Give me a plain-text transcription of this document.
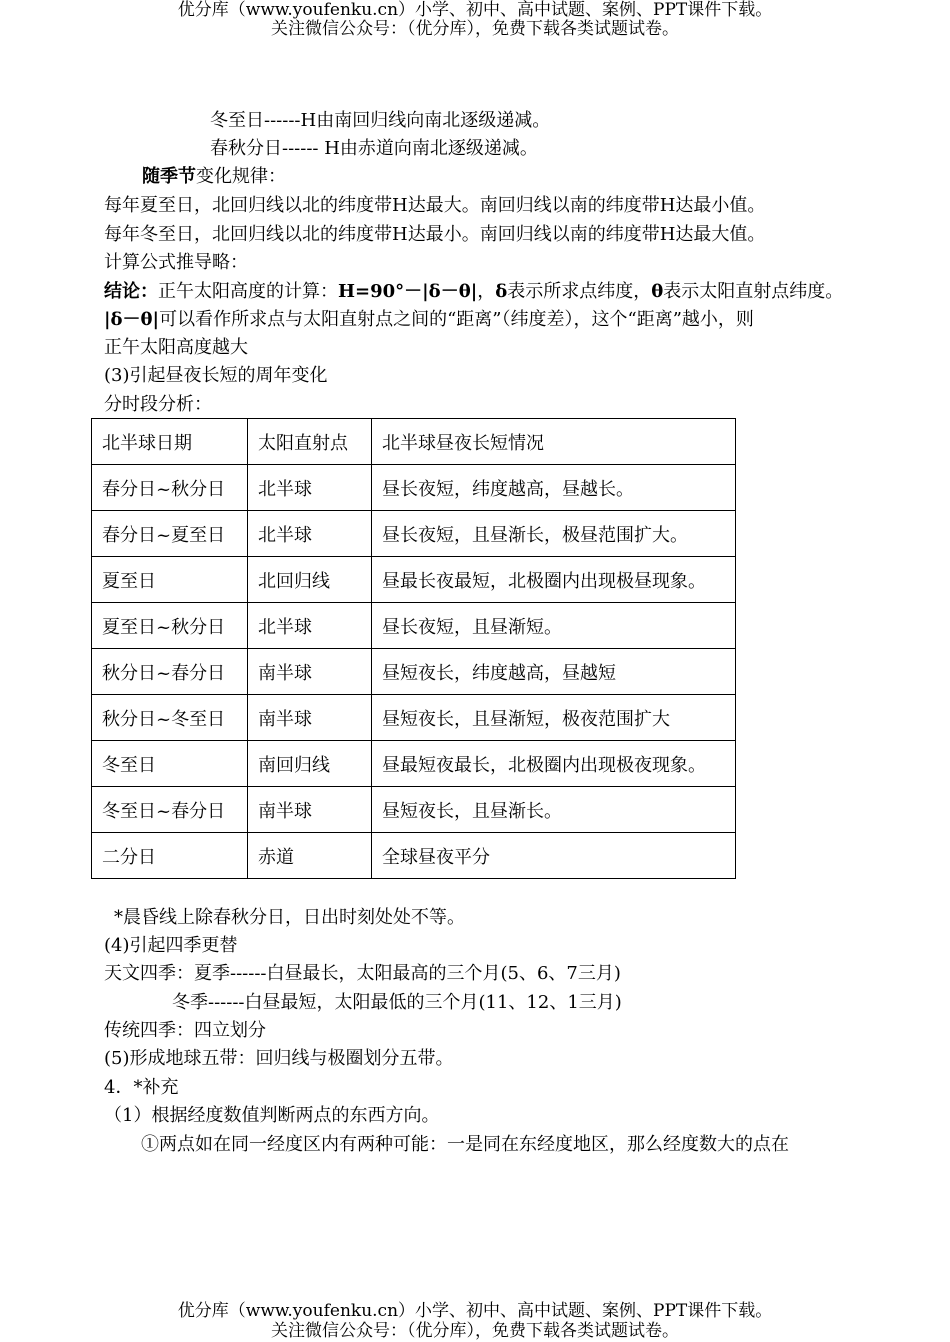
优分库（www.youfenku.cn）小学、初中、高中试题、案例、PPT课件下载。
关注微信公众号：（优分库），免费下载各类试题试卷。
冬至日------H由南回归线向南北逐级递减。
春秋分日------ H由赤道向南北逐级递减。
随季节变化规律：
每年夏至日，北回归线以北的纬度带H达最大。南回归线以南的纬度带H达最小值。
每年冬至日，北回归线以北的纬度带H达最小。南回归线以南的纬度带H达最大值。
计算公式推导略：
结论：正午太阳高度的计算：H=90°－|δ－θ|，δ表示所求点纬度，θ表示太阳直射点纬度。
|δ－θ|可以看作所求点与太阳直射点之间的“距离”（纬度差），这个“距离”越小，则
正午太阳高度越大
(3)引起昼夜长短的周年变化
分时段分析：
北半球日期	太阳直射点	北半球昼夜长短情况
春分日~秋分日	北半球	昼长夜短，纬度越高，昼越长。
春分日~夏至日	北半球	昼长夜短，且昼渐长，极昼范围扩大。
夏至日	北回归线	昼最长夜最短，北极圈内出现极昼现象。
夏至日~秋分日	北半球	昼长夜短，且昼渐短。
秋分日~春分日	南半球	昼短夜长，纬度越高，昼越短
秋分日~冬至日	南半球	昼短夜长，且昼渐短，极夜范围扩大
冬至日	南回归线	昼最短夜最长，北极圈内出现极夜现象。
冬至日~春分日	南半球	昼短夜长，且昼渐长。
二分日	赤道	全球昼夜平分
*晨昏线上除春秋分日，日出时刻处处不等。
(4)引起四季更替
天文四季：夏季------白昼最长，太阳最高的三个月(5、6、7三月)
冬季------白昼最短，太阳最低的三个月(11、12、1三月)
传统四季：四立划分
(5)形成地球五带：回归线与极圈划分五带。
4．*补充
（1）根据经度数值判断两点的东西方向。
①两点如在同一经度区内有两种可能：一是同在东经度地区，那么经度数大的点在
优分库（www.youfenku.cn）小学、初中、高中试题、案例、PPT课件下载。
关注微信公众号：（优分库），免费下载各类试题试卷。
